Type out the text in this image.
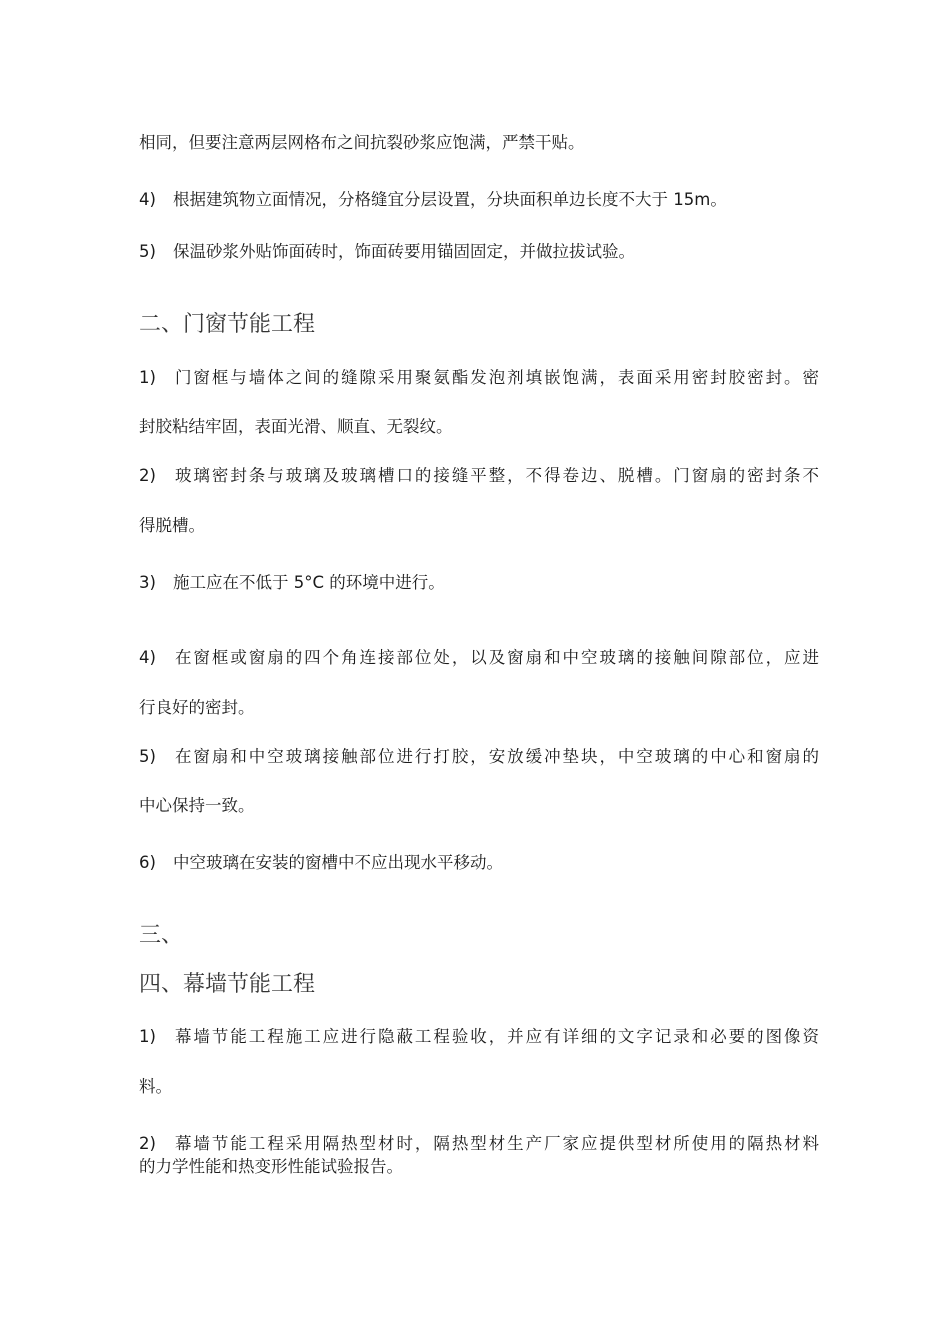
相同，但要注意两层网格布之间抗裂砂浆应饱满，严禁干贴。
4) 根据建筑物立面情况，分格缝宜分层设置，分块面积单边长度不大于 15m。
5) 保温砂浆外贴饰面砖时，饰面砖要用锚固固定，并做拉拔试验。
二、门窗节能工程
1) 门窗框与墙体之间的缝隙采用聚氨酯发泡剂填嵌饱满，表面采用密封胶密封。密
封胶粘结牢固，表面光滑、顺直、无裂纹。
2) 玻璃密封条与玻璃及玻璃槽口的接缝平整，不得卷边、脱槽。门窗扇的密封条不
得脱槽。
3) 施工应在不低于 5°C 的环境中进行。
4) 在窗框或窗扇的四个角连接部位处，以及窗扇和中空玻璃的接触间隙部位，应进
行良好的密封。
5) 在窗扇和中空玻璃接触部位进行打胶，安放缓冲垫块，中空玻璃的中心和窗扇的
中心保持一致。
6) 中空玻璃在安装的窗槽中不应出现水平移动。
三、
四、幕墙节能工程
1) 幕墙节能工程施工应进行隐蔽工程验收，并应有详细的文字记录和必要的图像资
料。
2) 幕墙节能工程采用隔热型材时，隔热型材生产厂家应提供型材所使用的隔热材料
的力学性能和热变形性能试验报告。
